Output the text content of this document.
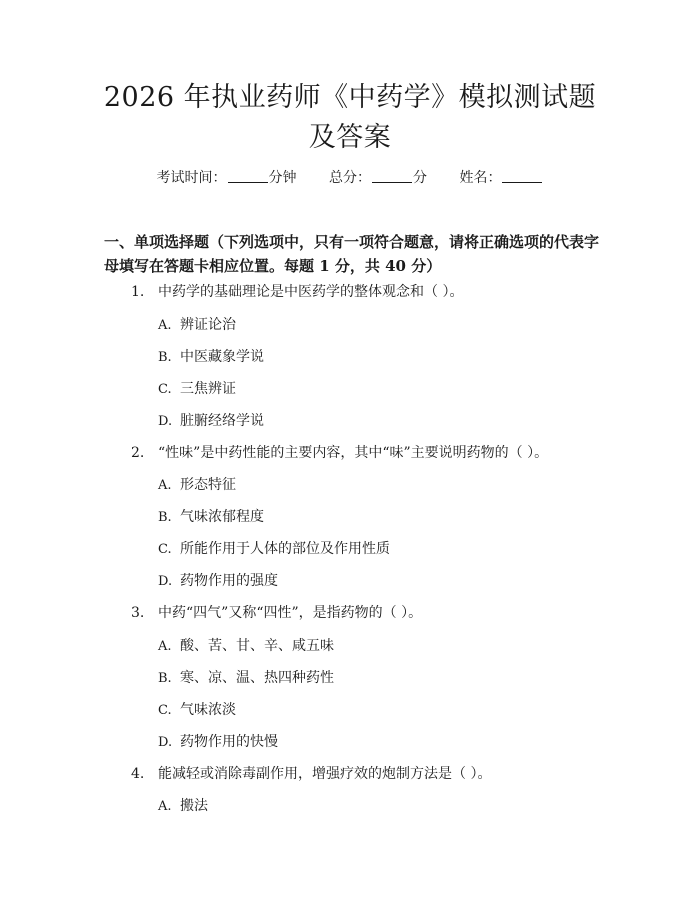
2026 年执业药师《中药学》模拟测试题及答案
考试时间：	分钟 总分：	分 姓名：
一、单项选择题（下列选项中，只有一项符合题意，请将正确选项的代表字母填写在答题卡相应位置。每题 1 分，共 40 分）
1. 中药学的基础理论是中医药学的整体观念和（ ）。
A. 辨证论治
B. 中医藏象学说
C. 三焦辨证
D. 脏腑经络学说
2. “性味”是中药性能的主要内容，其中“味”主要说明药物的（ ）。
A. 形态特征
B. 气味浓郁程度
C. 所能作用于人体的部位及作用性质
D. 药物作用的强度
3. 中药“四气”又称“四性”，是指药物的（ ）。
A. 酸、苦、甘、辛、咸五味
B. 寒、凉、温、热四种药性
C. 气味浓淡
D. 药物作用的快慢
4. 能减轻或消除毒副作用，增强疗效的炮制方法是（ ）。
A. 搬法
